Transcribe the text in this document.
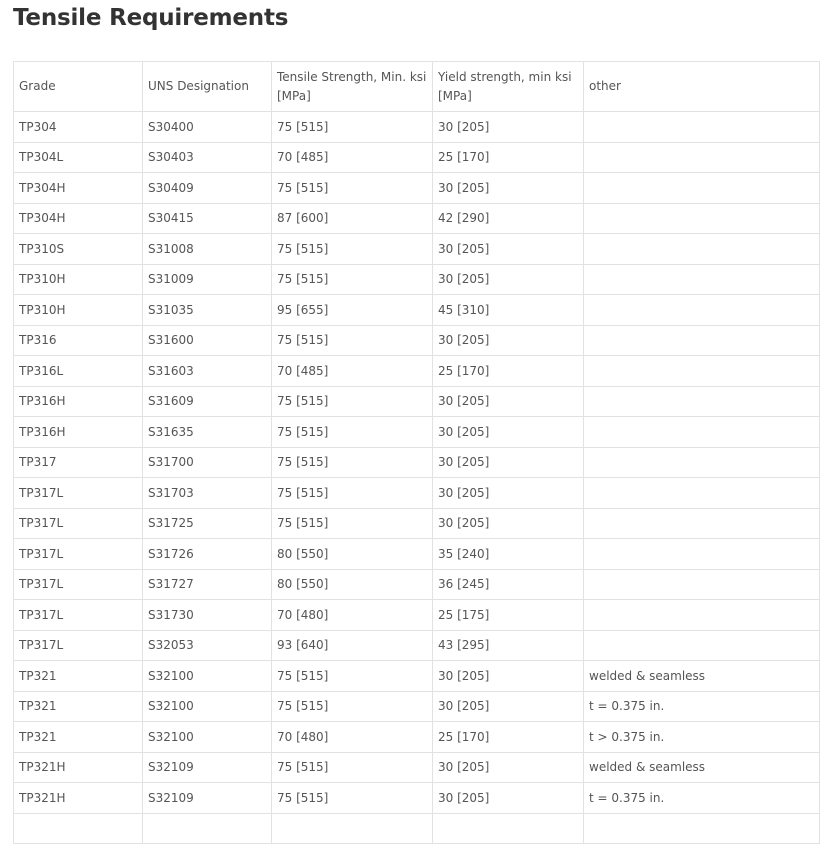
Tensile Requirements
Grade	UNS Designation	Tensile Strength, Min. ksi [MPa]	Yield strength, min ksi [MPa]	other
TP304	S30400	75 [515]	30 [205]	
TP304L	S30403	70 [485]	25 [170]	
TP304H	S30409	75 [515]	30 [205]	
TP304H	S30415	87 [600]	42 [290]	
TP310S	S31008	75 [515]	30 [205]	
TP310H	S31009	75 [515]	30 [205]	
TP310H	S31035	95 [655]	45 [310]	
TP316	S31600	75 [515]	30 [205]	
TP316L	S31603	70 [485]	25 [170]	
TP316H	S31609	75 [515]	30 [205]	
TP316H	S31635	75 [515]	30 [205]	
TP317	S31700	75 [515]	30 [205]	
TP317L	S31703	75 [515]	30 [205]	
TP317L	S31725	75 [515]	30 [205]	
TP317L	S31726	80 [550]	35 [240]	
TP317L	S31727	80 [550]	36 [245]	
TP317L	S31730	70 [480]	25 [175]	
TP317L	S32053	93 [640]	43 [295]	
TP321	S32100	75 [515]	30 [205]	welded & seamless
TP321	S32100	75 [515]	30 [205]	t = 0.375 in.
TP321	S32100	70 [480]	25 [170]	t > 0.375 in.
TP321H	S32109	75 [515]	30 [205]	welded & seamless
TP321H	S32109	75 [515]	30 [205]	t = 0.375 in.
